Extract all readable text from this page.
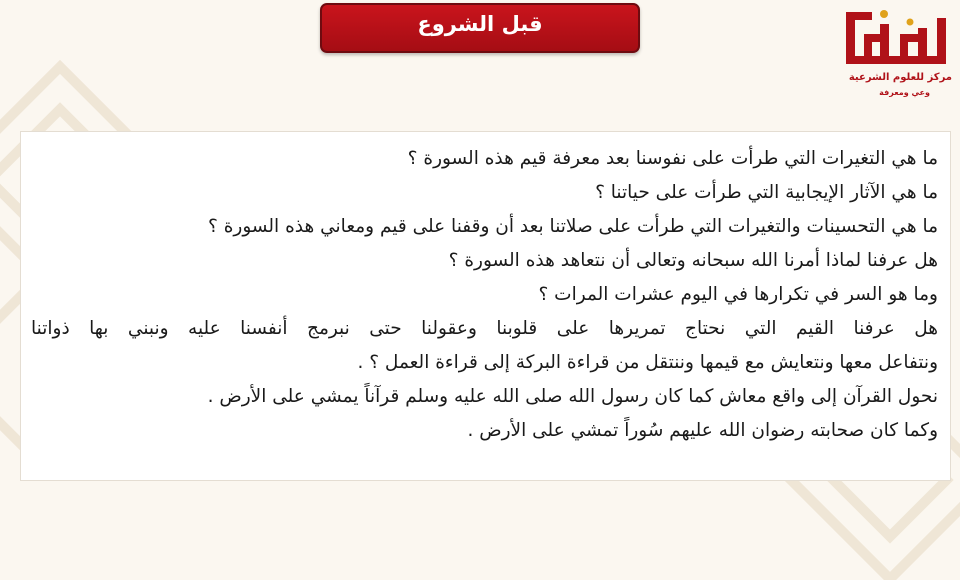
قبل الشروع
مركز للعلوم الشرعية
وعي ومعرفة

ما هي التغيرات التي طرأت على نفوسنا بعد معرفة قيم هذه السورة ؟

ما هي الآثار الإيجابية التي طرأت على حياتنا ؟

ما هي التحسينات والتغيرات التي طرأت على صلاتنا بعد أن وقفنا على قيم ومعاني هذه السورة ؟

هل عرفنا لماذا أمرنا الله سبحانه وتعالى أن نتعاهد هذه السورة ؟

وما هو السر في تكرارها في اليوم عشرات المرات ؟

هل عرفنا القيم التي نحتاج تمريرها على قلوبنا وعقولنا حتى نبرمج أنفسنا عليه ونبني بها ذواتنا

ونتفاعل معها ونتعايش مع قيمها وننتقل من قراءة البركة إلى قراءة العمل ؟ .

نحول القرآن إلى واقع معاش كما كان رسول الله صلى الله عليه وسلم قرآناً يمشي على الأرض .

وكما كان صحابته رضوان الله عليهم سُوراً تمشي على الأرض .
